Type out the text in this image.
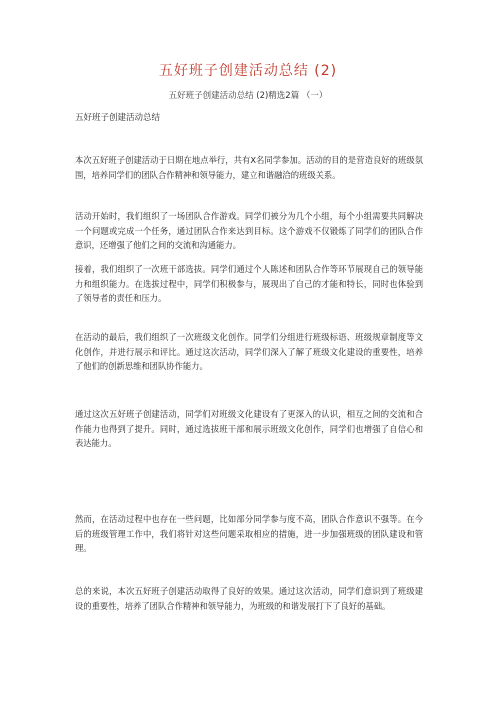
五好班子创建活动总结 (2)
五好班子创建活动总结 (2)精选2篇 （一）
五好班子创建活动总结

本次五好班子创建活动于日期在地点举行，共有X名同学参加。活动的目的是营造良好的班级氛围，培养同学们的团队合作精神和领导能力，建立和谐融洽的班级关系。

活动开始时，我们组织了一场团队合作游戏。同学们被分为几个小组，每个小组需要共同解决一个问题或完成一个任务，通过团队合作来达到目标。这个游戏不仅锻炼了同学们的团队合作意识，还增强了他们之间的交流和沟通能力。

接着，我们组织了一次班干部选拔。同学们通过个人陈述和团队合作等环节展现自己的领导能力和组织能力。在选拔过程中，同学们积极参与，展现出了自己的才能和特长，同时也体验到了领导者的责任和压力。

在活动的最后，我们组织了一次班级文化创作。同学们分组进行班级标语、班级规章制度等文化创作，并进行展示和评比。通过这次活动，同学们深入了解了班级文化建设的重要性，培养了他们的创新思维和团队协作能力。

通过这次五好班子创建活动，同学们对班级文化建设有了更深入的认识，相互之间的交流和合作能力也得到了提升。同时，通过选拔班干部和展示班级文化创作，同学们也增强了自信心和表达能力。

然而，在活动过程中也存在一些问题，比如部分同学参与度不高，团队合作意识不强等。在今后的班级管理工作中，我们将针对这些问题采取相应的措施，进一步加强班级的团队建设和管理。

总的来说，本次五好班子创建活动取得了良好的效果。通过这次活动，同学们意识到了班级建设的重要性，培养了团队合作精神和领导能力，为班级的和谐发展打下了良好的基础。
